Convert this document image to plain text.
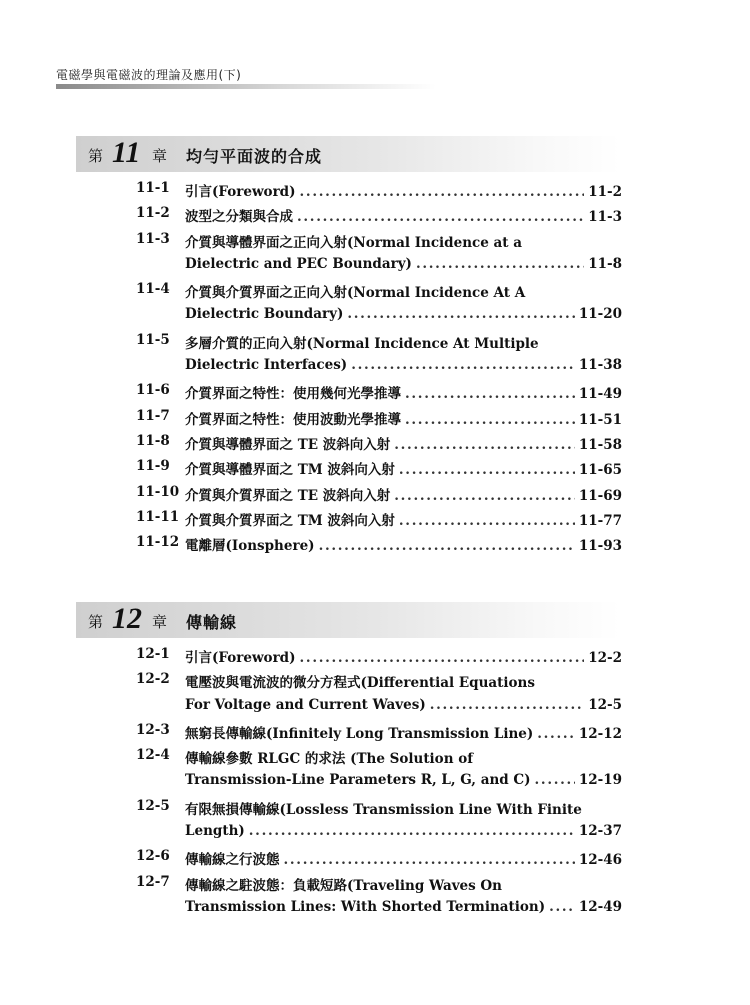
電磁學與電磁波的理論及應用(下)
第 11 章 均勻平面波的合成
11-1 引言(Foreword) . . .	11-2
11-2 波型之分類與合成 . . .	11-3
11-3 介質與導體界面之正向入射(Normal Incidence at a
Dielectric and PEC Boundary) . . .	11-8
11-4 介質與介質界面之正向入射(Normal Incidence At A
Dielectric Boundary) . . .	11-20
11-5 多層介質的正向入射(Normal Incidence At Multiple
Dielectric Interfaces) . . .	11-38
11-6 介質界面之特性：使用幾何光學推導 . . .	11-49
11-7 介質界面之特性：使用波動光學推導 . . .	11-51
11-8 介質與導體界面之 TE 波斜向入射 . . .	11-58
11-9 介質與導體界面之 TM 波斜向入射 . . .	11-65
11-10 介質與介質界面之 TE 波斜向入射 . . .	11-69
11-11 介質與介質界面之 TM 波斜向入射 . . .	11-77
11-12 電離層(Ionsphere) . . .	11-93
第 12 章 傳輸線
12-1 引言(Foreword) . . .	12-2
12-2 電壓波與電流波的微分方程式(Differential Equations
For Voltage and Current Waves) . . .	12-5
12-3 無窮長傳輸線(Infinitely Long Transmission Line) . . .	12-12
12-4 傳輸線參數 RLGC 的求法 (The Solution of
Transmission-Line Parameters R, L, G, and C) . . .	12-19
12-5 有限無損傳輸線(Lossless Transmission Line With Finite
Length) . . .	12-37
12-6 傳輸線之行波態 . . .	12-46
12-7 傳輸線之駐波態：負載短路(Traveling Waves On
Transmission Lines: With Shorted Termination) . . . 12-49
